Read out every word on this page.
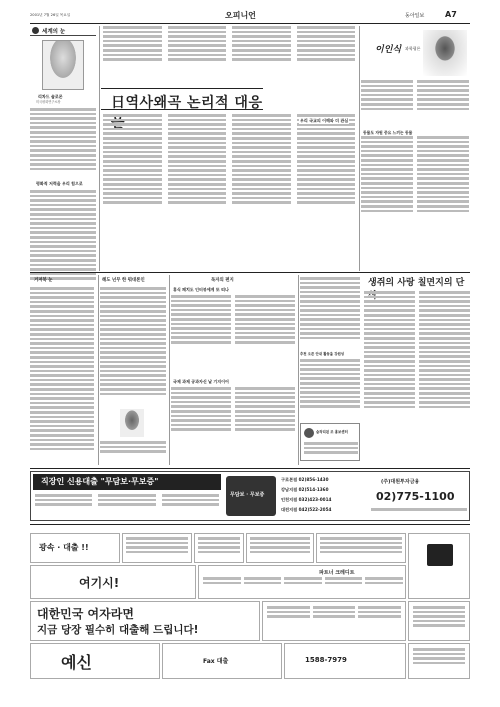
2001년 7월 26일 목요일	오피니언	동아일보	A7
세계의 눈
리차드 솔로몬
미국평화연구소장
평화적 저력을 우리 힘으로
日역사왜곡 논리적 대응
우리 국교의 이해와 더 관심
이인식 과학평론
동물도 자원 중요 느끼는 동물
거저북 눈	해도 넌무 한 뭐대론인	독자의 편지
휴식 패치도 인터뷰에게 또 떠나
국제 과제 공과자신 날 기지이어
추천 오픈 안내 활동을 강원성
숨작리된 조 홍보센터
생쥐의 사랑 칠면지의 단
직장인 신용대출 "무담보·무보증"
무담보 · 무보증
구로본점 02)856-1430
강남지점 02)514-1360
인천지점 032)423-0014
대전지점 042)522-2054
(주)대원투자금융
02)775-1100
광속 · 대출 !!
여기시!
파트너 크레디트
대한민국 여자라면
지금 당장 필수히 대출해 드립니다!
예신	Fax 대출	1588-7979
